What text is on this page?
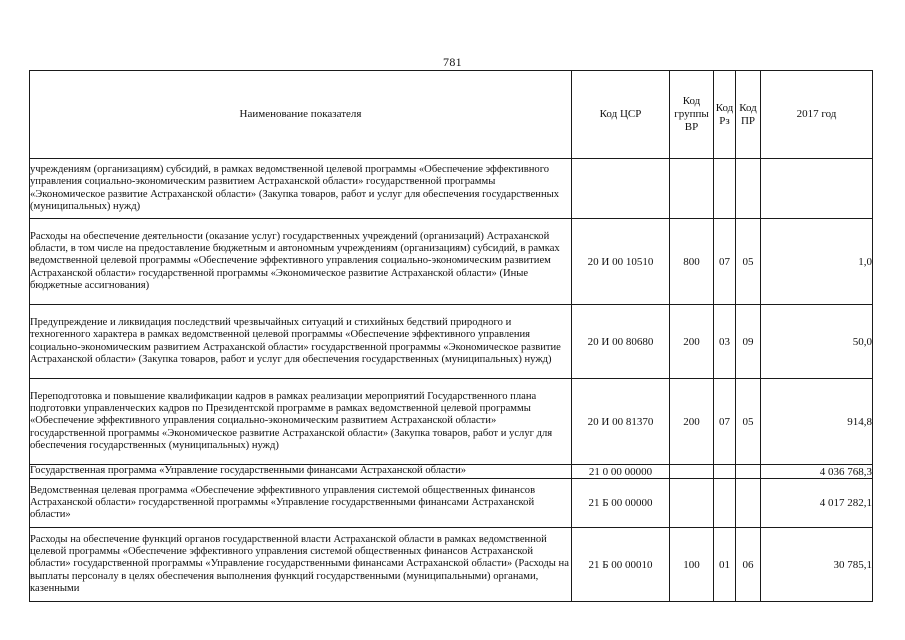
781
Наименование показателя	Код ЦСР	Код группы ВР	Код Рз	Код ПР	2017 год
учреждениям (организациям) субсидий, в рамках ведомственной целевой программы «Обеспечение эффективного управления социально-экономическим развитием Астраханской области» государственной программы «Экономическое развитие Астраханской области» (Закупка товаров, работ и услуг для обеспечения государственных (муниципальных) нужд)					
Расходы на обеспечение деятельности (оказание услуг) государственных учреждений (организаций) Астраханской области, в том числе на предоставление бюджетным и автономным учреждениям (организациям) субсидий, в рамках ведомственной целевой программы «Обеспечение эффективного управления социально-экономическим развитием Астраханской области» государственной программы «Экономическое развитие Астраханской области» (Иные бюджетные ассигнования)	20 И 00 10510	800	07	05	1,0
Предупреждение и ликвидация последствий чрезвычайных ситуаций и стихийных бедствий природного и техногенного характера в рамках ведомственной целевой программы «Обеспечение эффективного управления социально-экономическим развитием Астраханской области» государственной программы «Экономическое развитие Астраханской области» (Закупка товаров, работ и услуг для обеспечения государственных (муниципальных) нужд)	20 И 00 80680	200	03	09	50,0
Переподготовка и повышение квалификации кадров в рамках реализации мероприятий Государственного плана подготовки управленческих кадров по Президентской программе в рамках ведомственной целевой программы «Обеспечение эффективного управления социально-экономическим развитием Астраханской области» государственной программы «Экономическое развитие Астраханской области» (Закупка товаров, работ и услуг для обеспечения государственных (муниципальных) нужд)	20 И 00 81370	200	07	05	914,8
Государственная программа «Управление государственными финансами Астраханской области»	21 0 00 00000				4 036 768,3
Ведомственная целевая программа «Обеспечение эффективного управления системой общественных финансов Астраханской области» государственной программы «Управление государственными финансами Астраханской области»	21 Б 00 00000				4 017 282,1
Расходы на обеспечение функций органов государственной власти Астраханской области в рамках ведомственной целевой программы «Обеспечение эффективного управления системой общественных финансов Астраханской области» государственной программы «Управление государственными финансами Астраханской области» (Расходы на выплаты персоналу в целях обеспечения выполнения функций государственными (муниципальными) органами, казенными	21 Б 00 00010	100	01	06	30 785,1
